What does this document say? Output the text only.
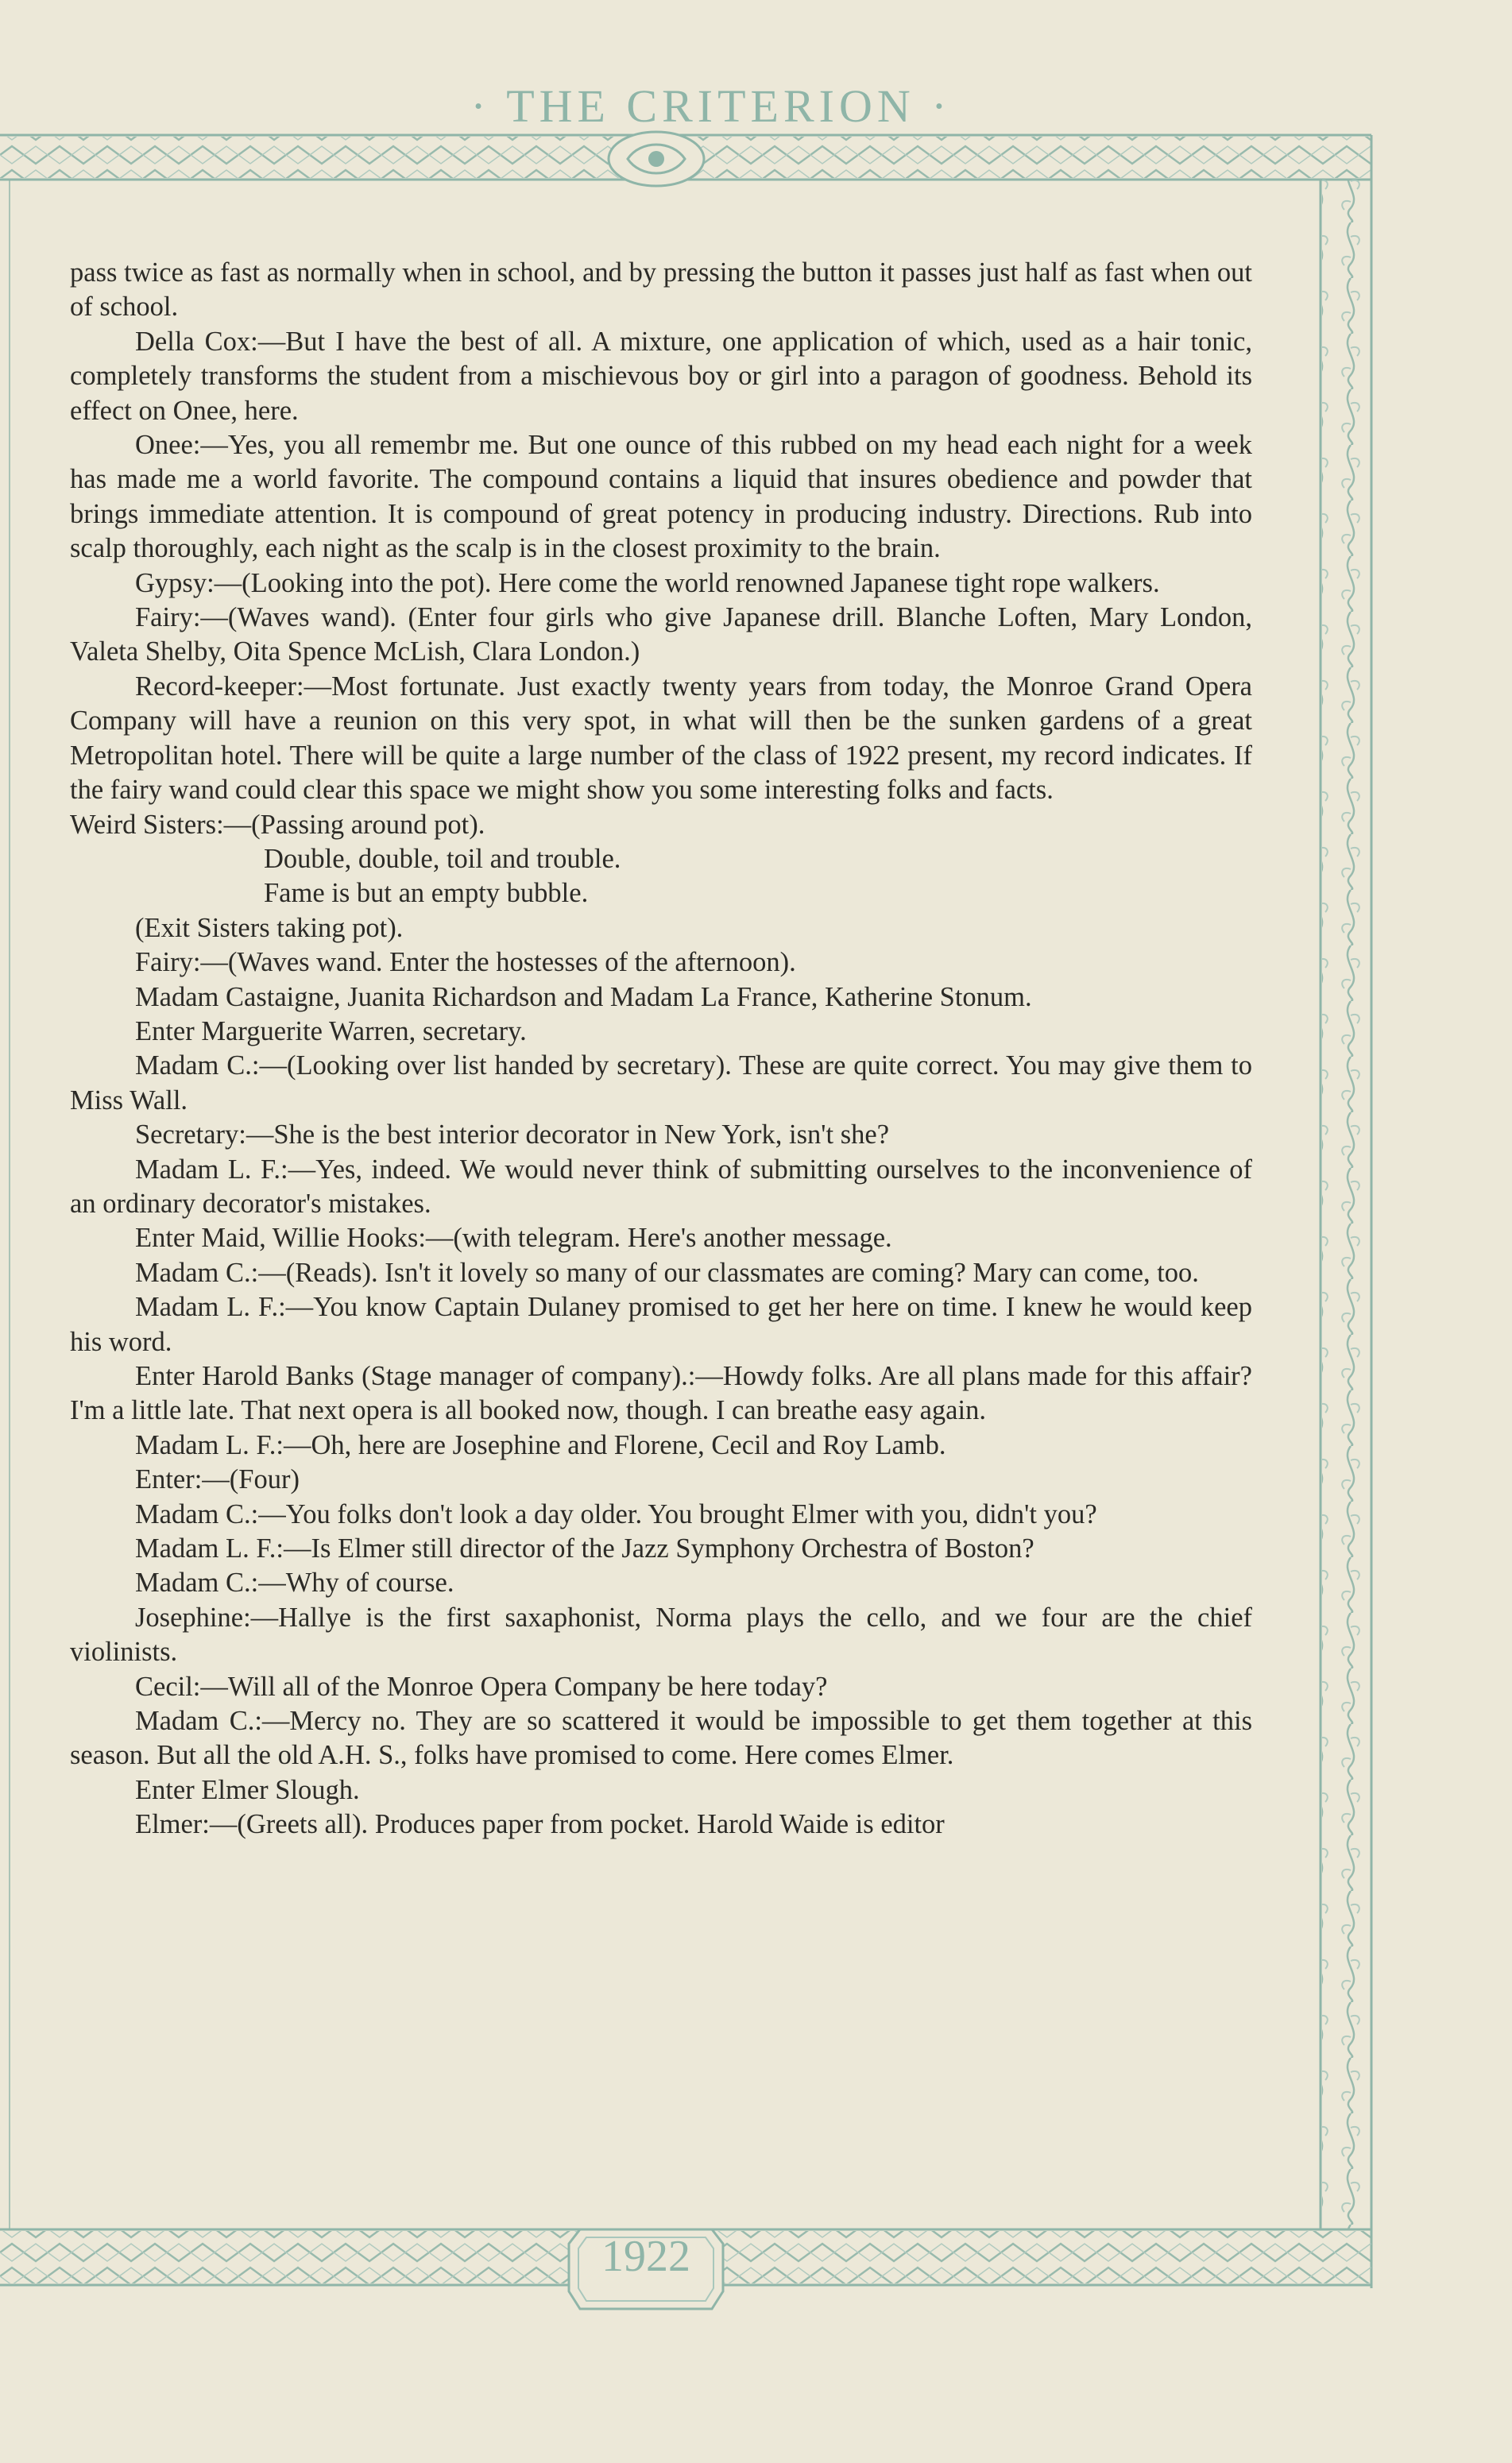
· THE CRITERION ·

pass twice as fast as normally when in school, and by pressing the button it passes just half as fast when out of school.

Della Cox:—But I have the best of all. A mixture, one application of which, used as a hair tonic, completely transforms the student from a mischievous boy or girl into a paragon of goodness. Behold its effect on Onee, here.

Onee:—Yes, you all remembr me. But one ounce of this rubbed on my head each night for a week has made me a world favorite. The compound contains a liquid that insures obedience and powder that brings immediate attention. It is compound of great potency in producing industry. Directions. Rub into scalp thoroughly, each night as the scalp is in the closest proximity to the brain.

Gypsy:—(Looking into the pot). Here come the world renowned Japanese tight rope walkers.

Fairy:—(Waves wand). (Enter four girls who give Japanese drill. Blanche Loften, Mary London, Valeta Shelby, Oita Spence McLish, Clara London.)

Record-keeper:—Most fortunate. Just exactly twenty years from today, the Monroe Grand Opera Company will have a reunion on this very spot, in what will then be the sunken gardens of a great Metropolitan hotel. There will be quite a large number of the class of 1922 present, my record indicates. If the fairy wand could clear this space we might show you some interesting folks and facts.

Weird Sisters:—(Passing around pot).

Double, double, toil and trouble.

Fame is but an empty bubble.

(Exit Sisters taking pot).

Fairy:—(Waves wand. Enter the hostesses of the afternoon).

Madam Castaigne, Juanita Richardson and Madam La France, Katherine Stonum.

Enter Marguerite Warren, secretary.

Madam C.:—(Looking over list handed by secretary). These are quite correct. You may give them to Miss Wall.

Secretary:—She is the best interior decorator in New York, isn't she?

Madam L. F.:—Yes, indeed. We would never think of submitting ourselves to the inconvenience of an ordinary decorator's mistakes.

Enter Maid, Willie Hooks:—(with telegram. Here's another message.

Madam C.:—(Reads). Isn't it lovely so many of our classmates are coming? Mary can come, too.

Madam L. F.:—You know Captain Dulaney promised to get her here on time. I knew he would keep his word.

Enter Harold Banks (Stage manager of company).:—Howdy folks. Are all plans made for this affair? I'm a little late. That next opera is all booked now, though. I can breathe easy again.

Madam L. F.:—Oh, here are Josephine and Florene, Cecil and Roy Lamb.

Enter:—(Four)

Madam C.:—You folks don't look a day older. You brought Elmer with you, didn't you?

Madam L. F.:—Is Elmer still director of the Jazz Symphony Orchestra of Boston?

Madam C.:—Why of course.

Josephine:—Hallye is the first saxaphonist, Norma plays the cello, and we four are the chief violinists.

Cecil:—Will all of the Monroe Opera Company be here today?

Madam C.:—Mercy no. They are so scattered it would be impossible to get them together at this season. But all the old A.H. S., folks have promised to come. Here comes Elmer.

Enter Elmer Slough.

Elmer:—(Greets all). Produces paper from pocket. Harold Waide is editor

1922
